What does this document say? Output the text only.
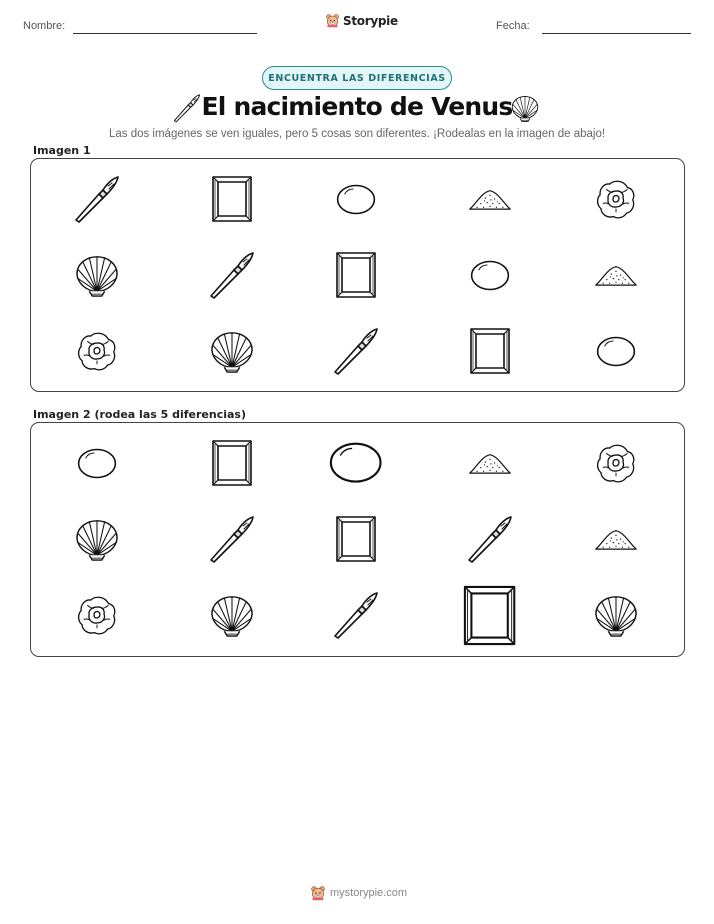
Nombre:	Storypie	Fecha:
ENCUENTRA LAS DIFERENCIAS
El nacimiento de Venus
Las dos imágenes se ven iguales, pero 5 cosas son diferentes. ¡Rodealas en la imagen de abajo!
Imagen 1
Imagen 2 (rodea las 5 diferencias)
mystorypie.com
